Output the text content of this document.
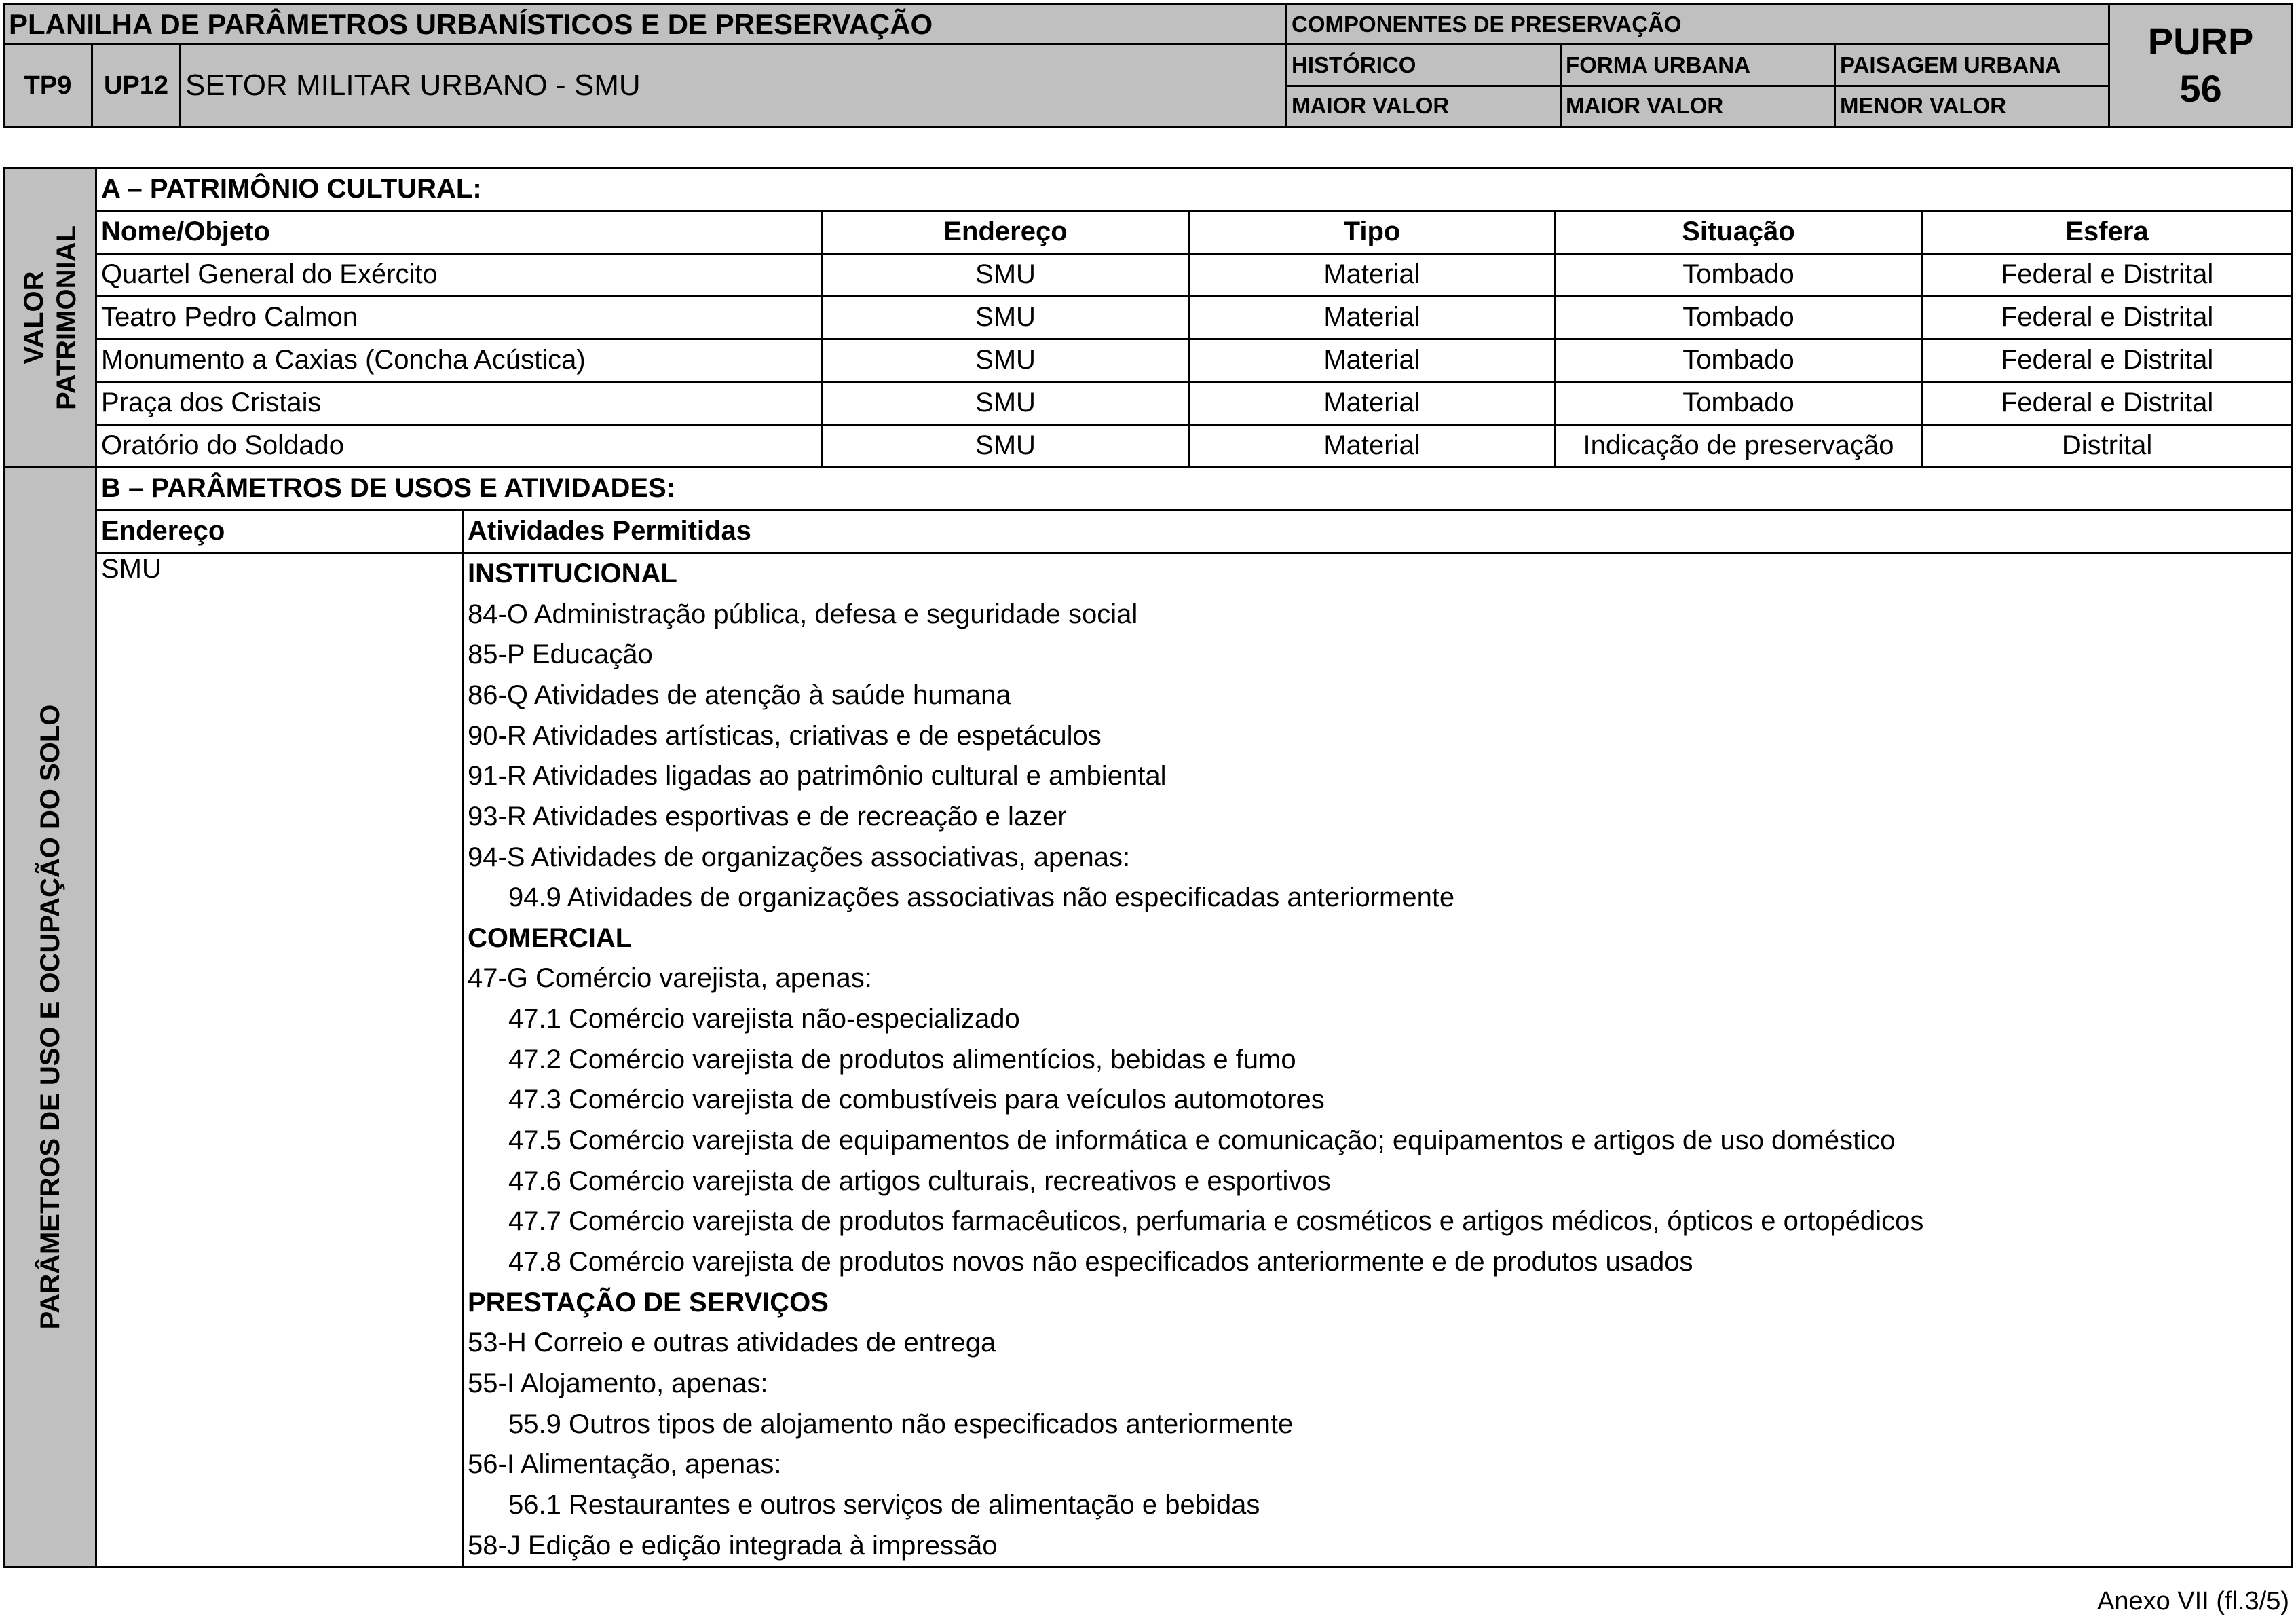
PLANILHA DE PARÂMETROS URBANÍSTICOS E DE PRESERVAÇÃO			COMPONENTES DE PRESERVAÇÃO			PURP
56

TP9	UP12	SETOR MILITAR URBANO - SMU	HISTÓRICO	FORMA URBANA	PAISAGEM URBANA	
			MAIOR VALOR	MAIOR VALOR	MENOR VALOR	
VALOR PATRIMONIAL	A – PATRIMÔNIO CULTURAL:					
	Nome/Objeto		Endereço	Tipo	Situação	Esfera
	Quartel General do Exército		SMU	Material	Tombado	Federal e Distrital
	Teatro Pedro Calmon		SMU	Material	Tombado	Federal e Distrital
	Monumento a Caxias (Concha Acústica)		SMU	Material	Tombado	Federal e Distrital
	Praça dos Cristais		SMU	Material	Tombado	Federal e Distrital
	Oratório do Soldado		SMU	Material	Indicação de preservação	Distrital

PARÂMETROS DE USO E OCUPAÇÃO DO SOLO	B – PARÂMETROS DE USOS E ATIVIDADES:					
	Endereço	Atividades Permitidas				
	SMU	INSTITUCIONAL				
		84-O Administração pública, defesa e seguridade social				
		85-P Educação				
		86-Q Atividades de atenção à saúde humana				
		90-R Atividades artísticas, criativas e de espetáculos				
		91-R Atividades ligadas ao patrimônio cultural e ambiental				
		93-R Atividades esportivas e de recreação e lazer				
		94-S Atividades de organizações associativas, apenas:				
		94.9 Atividades de organizações associativas não especificadas anteriormente				
		COMERCIAL				
		47-G Comércio varejista, apenas:				
		47.1 Comércio varejista não-especializado				
		47.2 Comércio varejista de produtos alimentícios, bebidas e fumo				
		47.3 Comércio varejista de combustíveis para veículos automotores				
		47.5 Comércio varejista de equipamentos de informática e comunicação; equipamentos e artigos de uso doméstico				
		47.6 Comércio varejista de artigos culturais, recreativos e esportivos				
		47.7 Comércio varejista de produtos farmacêuticos, perfumaria e cosméticos e artigos médicos, ópticos e ortopédicos				
		47.8 Comércio varejista de produtos novos não especificados anteriormente e de produtos usados				
		PRESTAÇÃO DE SERVIÇOS				
		53-H Correio e outras atividades de entrega				
		55-I Alojamento, apenas:				
		55.9 Outros tipos de alojamento não especificados anteriormente				
		56-I Alimentação, apenas:				
		56.1 Restaurantes e outros serviços de alimentação e bebidas				
		58-J Edição e edição integrada à impressão				
Anexo VII (fl.3/5)
